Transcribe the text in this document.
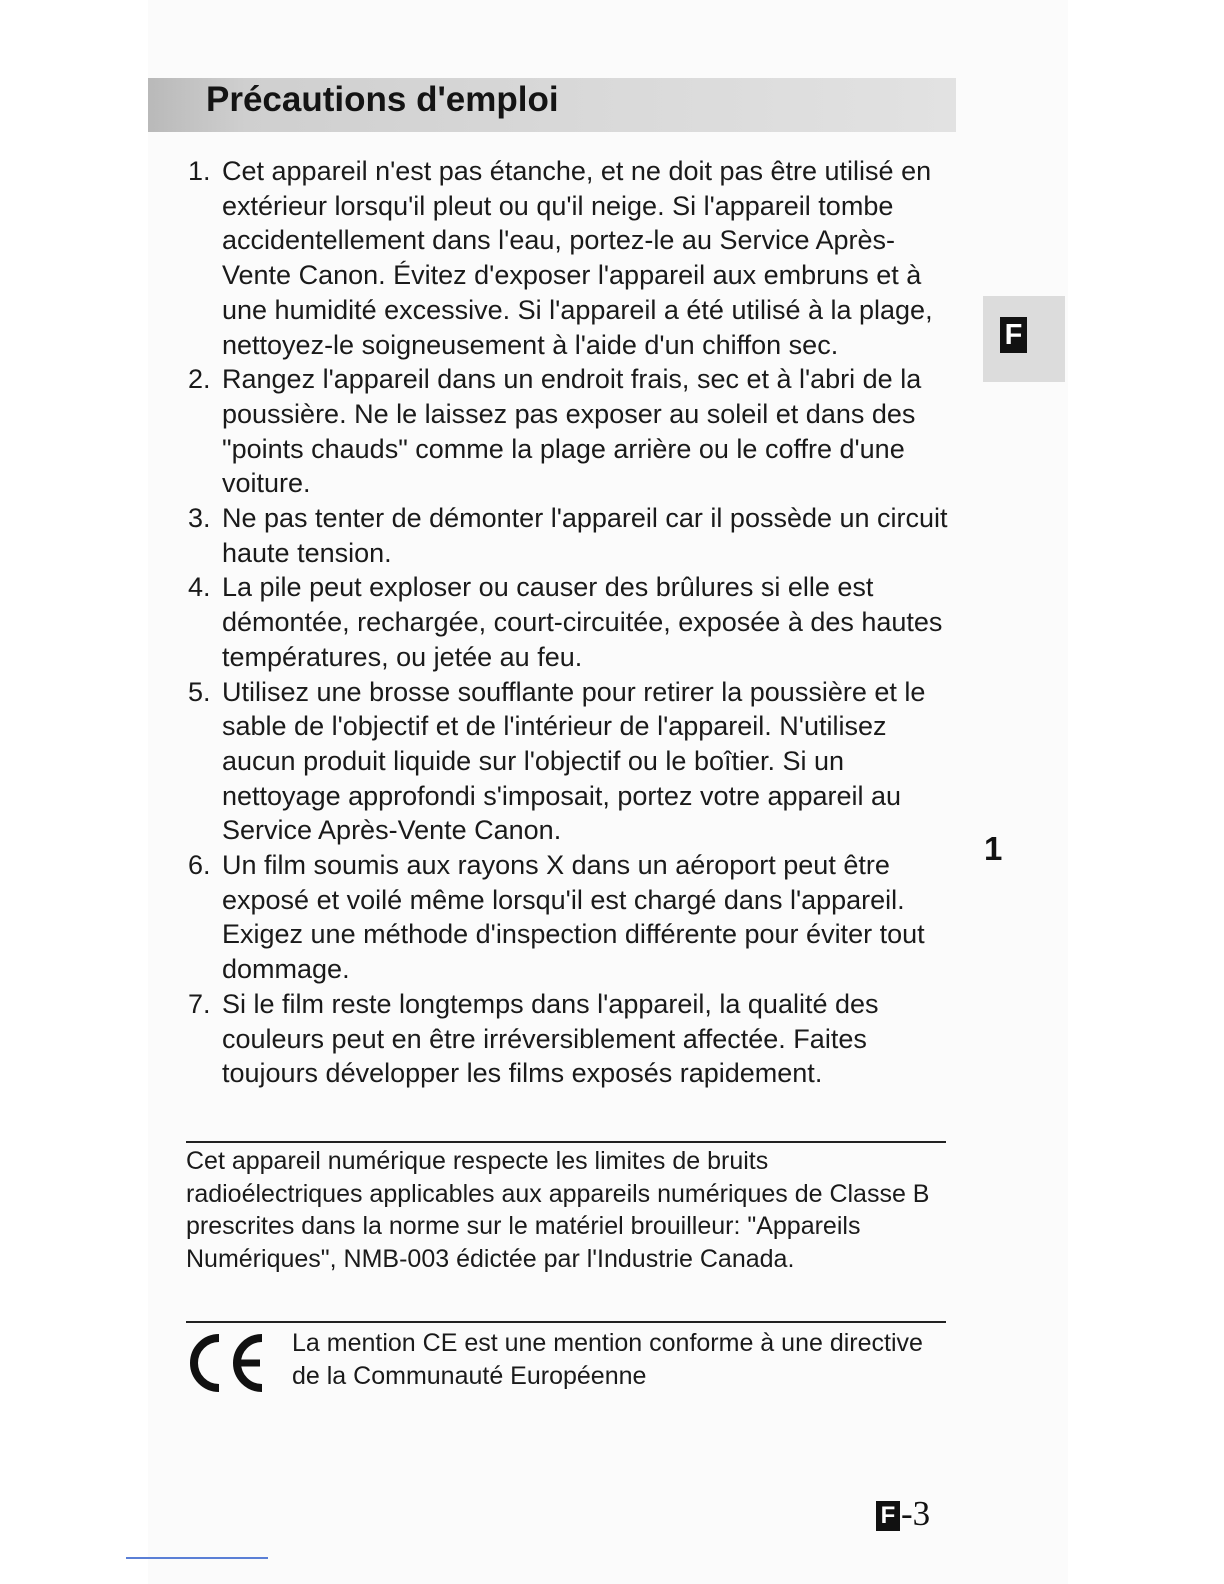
Précautions d'emploi
F
1
1. Cet appareil n'est pas étanche, et ne doit pas être utilisé en extérieur lorsqu'il pleut ou qu'il neige. Si l'appareil tombe accidentellement dans l'eau, portez-le au Service Après-Vente Canon. Évitez d'exposer l'appareil aux embruns et à une humidité excessive. Si l'appareil a été utilisé à la plage, nettoyez-le soigneusement à l'aide d'un chiffon sec.
2. Rangez l'appareil dans un endroit frais, sec et à l'abri de la poussière. Ne le laissez pas exposer au soleil et dans des "points chauds" comme la plage arrière ou le coffre d'une voiture.
3. Ne pas tenter de démonter l'appareil car il possède un circuit haute tension.
4. La pile peut exploser ou causer des brûlures si elle est démontée, rechargée, court-circuitée, exposée à des hautes températures, ou jetée au feu.
5. Utilisez une brosse soufflante pour retirer la poussière et le sable de l'objectif et de l'intérieur de l'appareil. N'utilisez aucun produit liquide sur l'objectif ou le boîtier. Si un nettoyage approfondi s'imposait, portez votre appareil au Service Après-Vente Canon.
6. Un film soumis aux rayons X dans un aéroport peut être exposé et voilé même lorsqu'il est chargé dans l'appareil. Exigez une méthode d'inspection différente pour éviter tout dommage.
7. Si le film reste longtemps dans l'appareil, la qualité des couleurs peut en être irréversiblement affectée. Faites toujours développer les films exposés rapidement.

Cet appareil numérique respecte les limites de bruits radioélectriques applicables aux appareils numériques de Classe B prescrites dans la norme sur le matériel brouilleur: "Appareils Numériques", NMB-003 édictée par l'Industrie Canada.

La mention CE est une mention conforme à une directive de la Communauté Européenne

F -3
